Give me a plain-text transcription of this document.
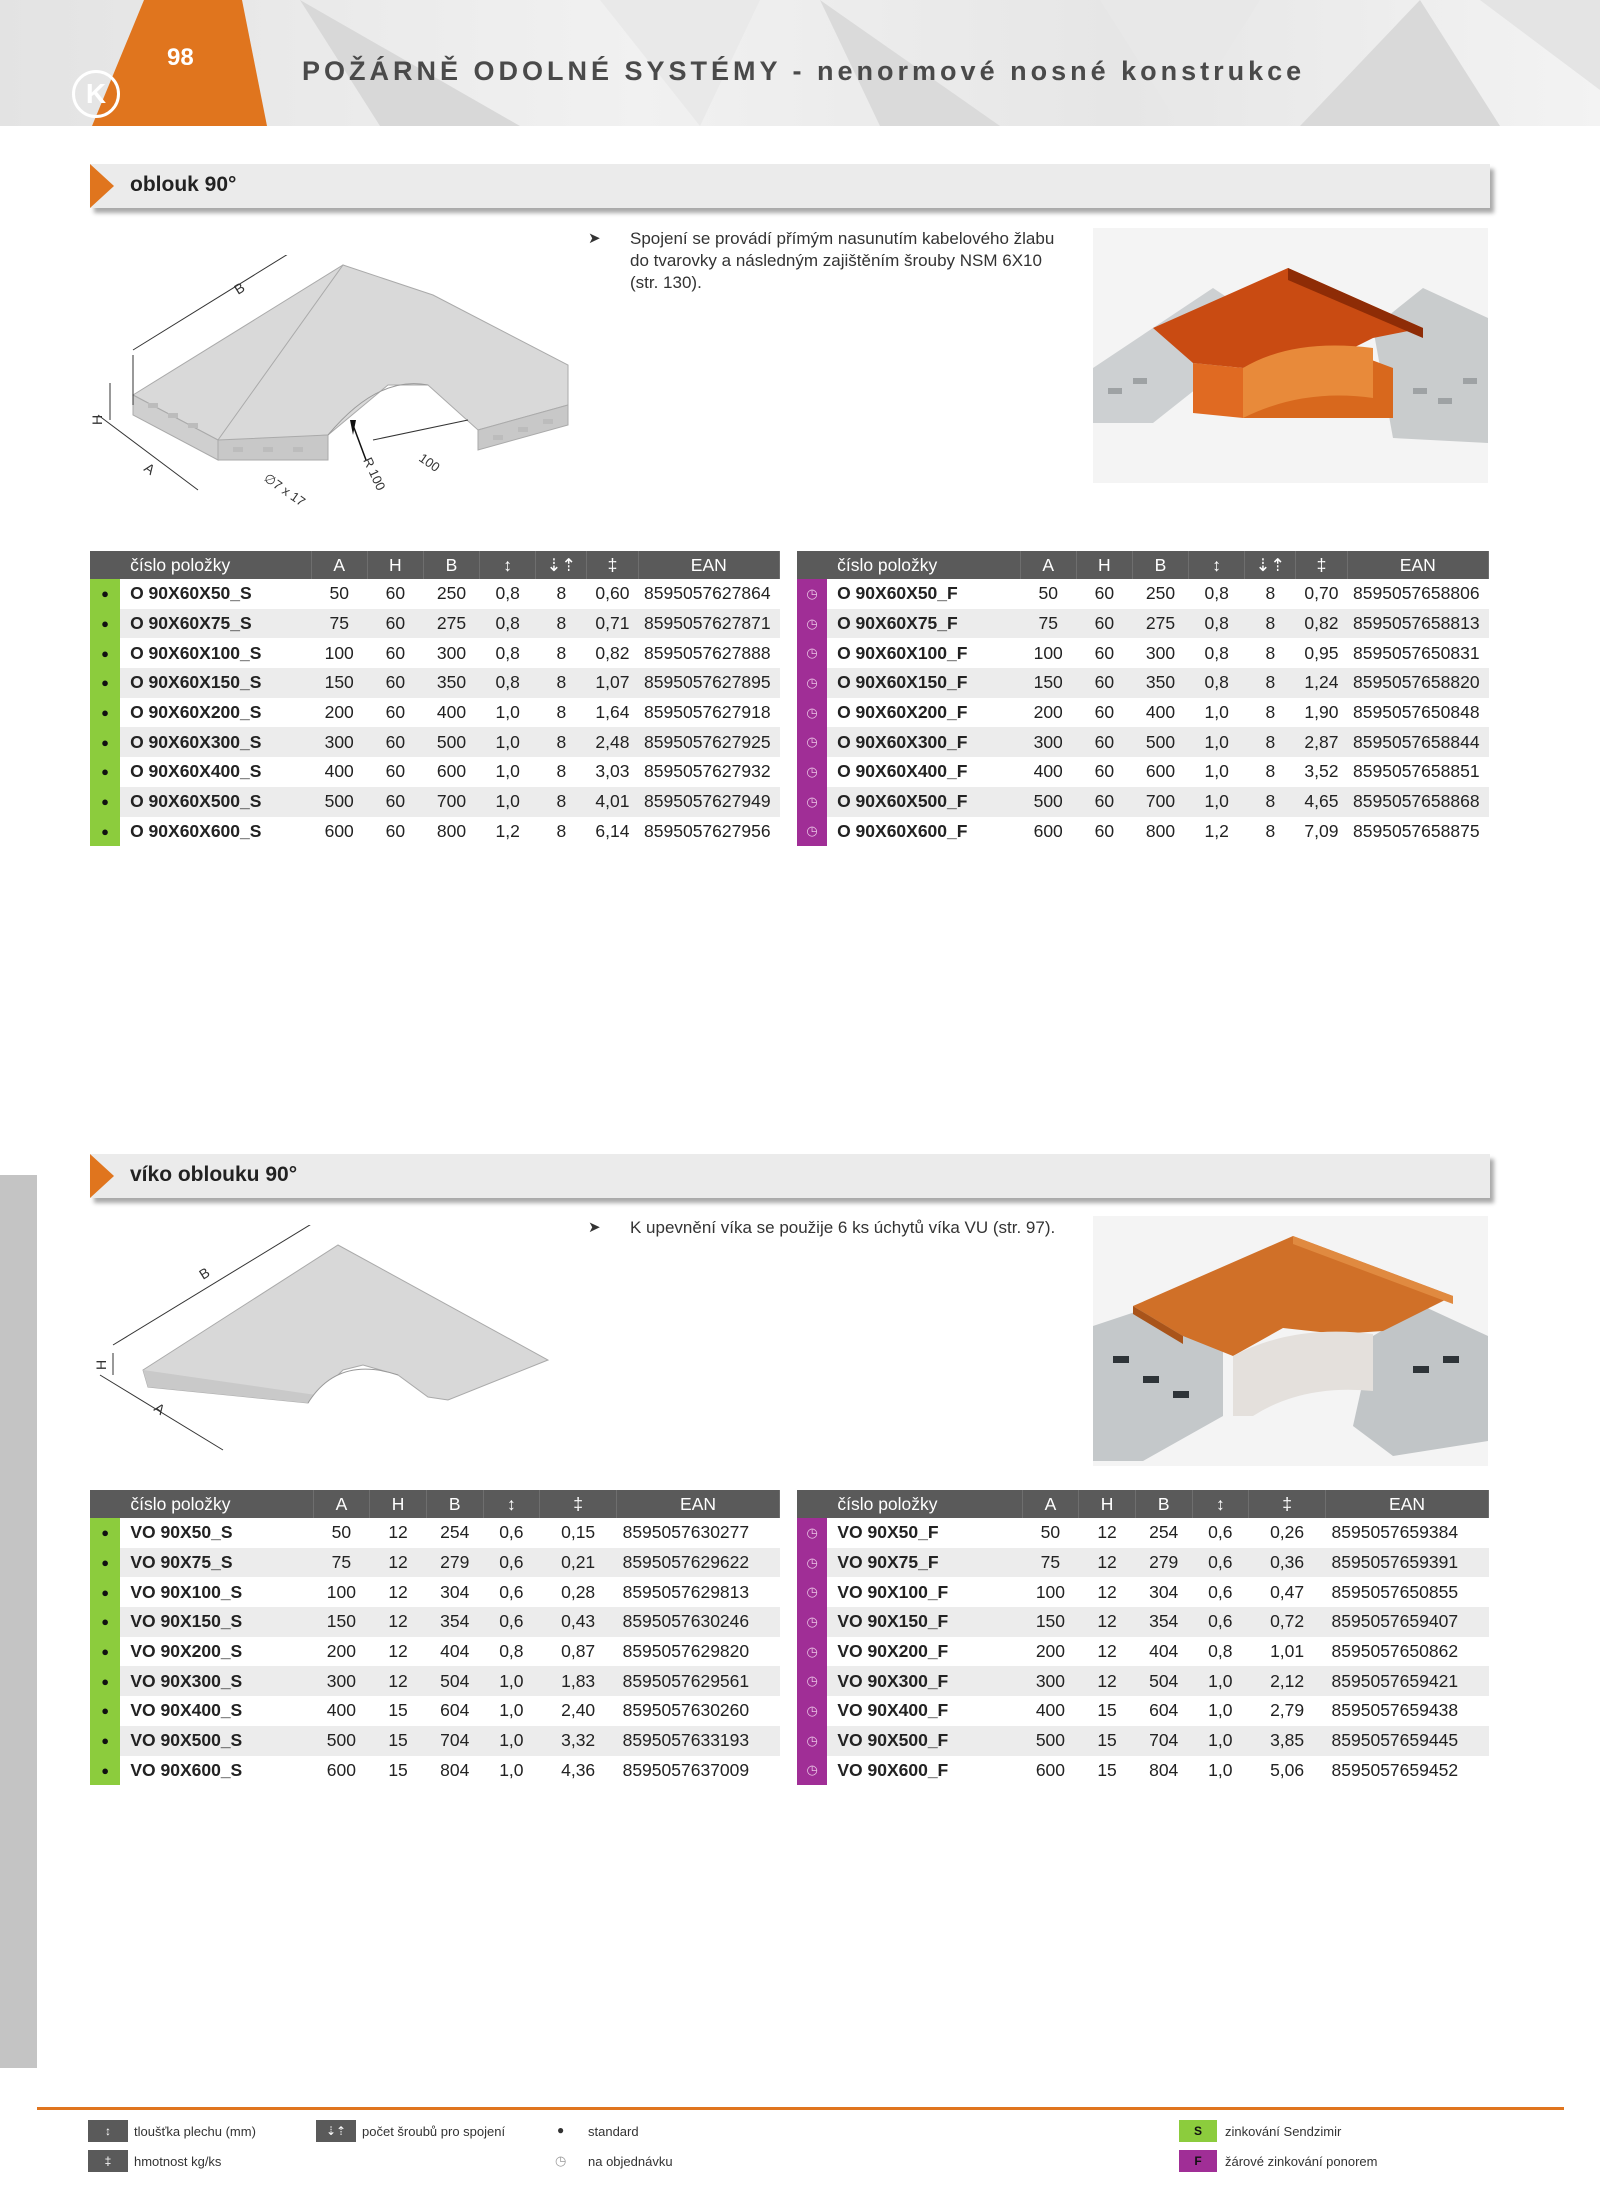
98
K
POŽÁRNĚ ODOLNÉ SYSTÉMY - nenormové nosné konstrukce
oblouk 90°
➤ Spojení se provádí přímým nasunutím kabelového žlabu do tvarovky a následným zajištěním šrouby NSM 6X10 (str. 130).
B
H
A
∅7 x 17	R 100 100
	číslo položky	A	H	B	↕	⇣⇡	‡	EAN
●	O 90X60X50_S	50	60	250	0,8	8	0,60	8595057627864
●	O 90X60X75_S	75	60	275	0,8	8	0,71	8595057627871
●	O 90X60X100_S	100	60	300	0,8	8	0,82	8595057627888
●	O 90X60X150_S	150	60	350	0,8	8	1,07	8595057627895
●	O 90X60X200_S	200	60	400	1,0	8	1,64	8595057627918
●	O 90X60X300_S	300	60	500	1,0	8	2,48	8595057627925
●	O 90X60X400_S	400	60	600	1,0	8	3,03	8595057627932
●	O 90X60X500_S	500	60	700	1,0	8	4,01	8595057627949
●	O 90X60X600_S	600	60	800	1,2	8	6,14	8595057627956
	číslo položky	A	H	B	↕	⇣⇡	‡	EAN
◷	O 90X60X50_F	50	60	250	0,8	8	0,70	8595057658806
◷	O 90X60X75_F	75	60	275	0,8	8	0,82	8595057658813
◷	O 90X60X100_F	100	60	300	0,8	8	0,95	8595057650831
◷	O 90X60X150_F	150	60	350	0,8	8	1,24	8595057658820
◷	O 90X60X200_F	200	60	400	1,0	8	1,90	8595057650848
◷	O 90X60X300_F	300	60	500	1,0	8	2,87	8595057658844
◷	O 90X60X400_F	400	60	600	1,0	8	3,52	8595057658851
◷	O 90X60X500_F	500	60	700	1,0	8	4,65	8595057658868
◷	O 90X60X600_F	600	60	800	1,2	8	7,09	8595057658875
víko oblouku 90°
➤ K upevnění víka se použije 6 ks úchytů víka VU (str. 97).
B
H
A
	číslo položky	A	H	B	↕	‡	EAN
●	VO 90X50_S	50	12	254	0,6	0,15	8595057630277
●	VO 90X75_S	75	12	279	0,6	0,21	8595057629622
●	VO 90X100_S	100	12	304	0,6	0,28	8595057629813
●	VO 90X150_S	150	12	354	0,6	0,43	8595057630246
●	VO 90X200_S	200	12	404	0,8	0,87	8595057629820
●	VO 90X300_S	300	12	504	1,0	1,83	8595057629561
●	VO 90X400_S	400	15	604	1,0	2,40	8595057630260
●	VO 90X500_S	500	15	704	1,0	3,32	8595057633193
●	VO 90X600_S	600	15	804	1,0	4,36	8595057637009
	číslo položky	A	H	B	↕	‡	EAN
◷	VO 90X50_F	50	12	254	0,6	0,26	8595057659384
◷	VO 90X75_F	75	12	279	0,6	0,36	8595057659391
◷	VO 90X100_F	100	12	304	0,6	0,47	8595057650855
◷	VO 90X150_F	150	12	354	0,6	0,72	8595057659407
◷	VO 90X200_F	200	12	404	0,8	1,01	8595057650862
◷	VO 90X300_F	300	12	504	1,0	2,12	8595057659421
◷	VO 90X400_F	400	15	604	1,0	2,79	8595057659438
◷	VO 90X500_F	500	15	704	1,0	3,85	8595057659445
◷	VO 90X600_F	600	15	804	1,0	5,06	8595057659452
↕	tloušťka plechu (mm)
‡	hmotnost kg/ks
⇣⇡	počet šroubů pro spojení	● standard
◷ na objednávku
S	zinkování Sendzimir
F	žárové zinkování ponorem
